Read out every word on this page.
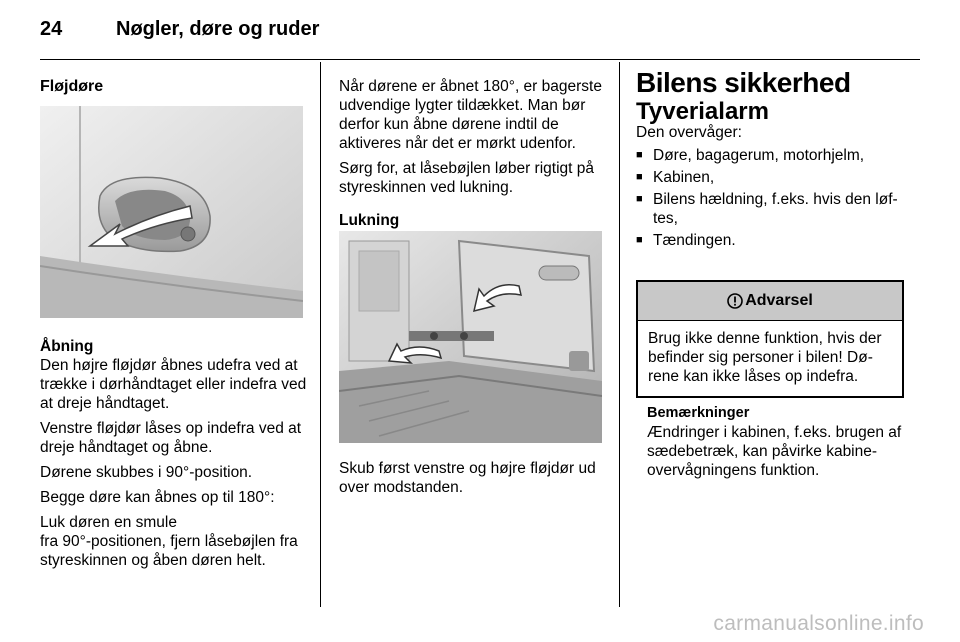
24	Nøgler, døre og ruder
Fløjdøre
Åbning

Den højre fløjdør åbnes udefra ved at trække i dørhåndtaget eller indefra ved at dreje håndtaget.

Venstre fløjdør låses op indefra ved at dreje håndtaget og åbne.

Dørene skubbes i 90°-position.

Begge døre kan åbnes op til 180°:

Luk døren en smule

fra 90°-positionen, fjern låsebøjlen fra styreskinnen og åben døren helt.

Når dørene er åbnet 180°, er bagerste udvendige lygter tildækket. Man bør derfor kun åbne dørene indtil de aktiveres når det er mørkt udenfor.

Sørg for, at låsebøjlen løber rigtigt på styreskinnen ved lukning.

Lukning

Skub først venstre og højre fløjdør ud over modstanden.

Bilens sikkerhed
Tyverialarm
Den overvåger:
■ Døre, bagagerum, motorhjelm,
■ Kabinen,
■ Bilens hældning, f.eks. hvis den løftes,
■ Tændingen.
Advarsel
Brug ikke denne funktion, hvis der befinder sig personer i bilen! Dørene kan ikke låses op indefra.
Bemærkninger
Ændringer i kabinen, f.eks. brugen af sædebetræk, kan påvirke kabineovervågningens funktion.
carmanualsonline.info
